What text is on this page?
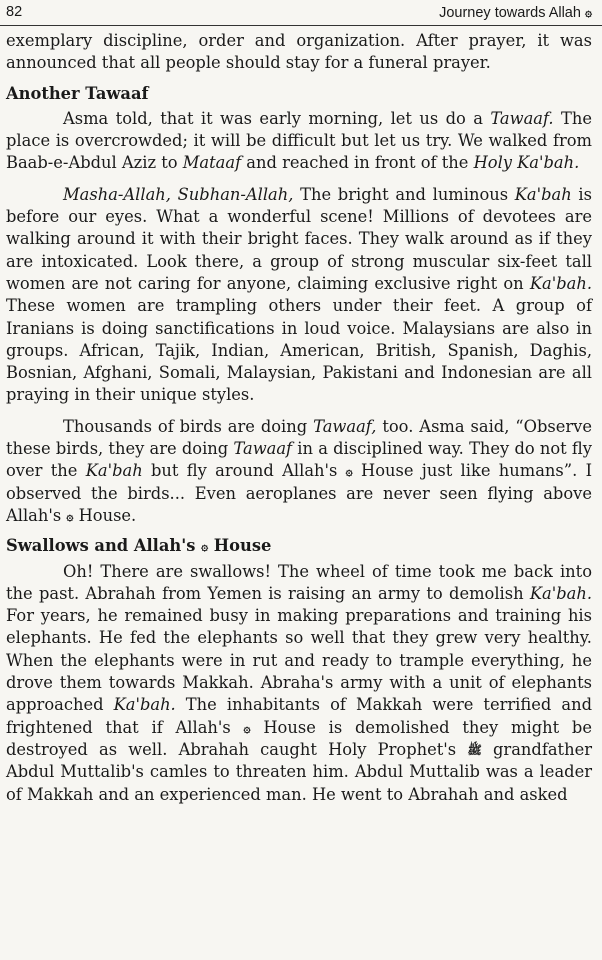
82	Journey towards Allah ۞

exemplary discipline, order and organization. After prayer, it was announced that all people should stay for a funeral prayer.

Another Tawaaf

Asma told, that it was early morning, let us do a Tawaaf. The place is overcrowded; it will be difficult but let us try. We walked from Baab-e-Abdul Aziz to Mataaf and reached in front of the Holy Ka'bah.

Masha-Allah, Subhan-Allah, The bright and luminous Ka'bah is before our eyes. What a wonderful scene! Millions of devotees are walking around it with their bright faces. They walk around as if they are intoxicated. Look there, a group of strong muscular six-feet tall women are not caring for anyone, claiming exclusive right on Ka'bah. These women are trampling others under their feet. A group of Iranians is doing sanctifications in loud voice. Malaysians are also in groups. African, Tajik, Indian, American, British, Spanish, Daghis, Bosnian, Afghani, Somali, Malaysian, Pakistani and Indonesian are all praying in their unique styles.

Thousands of birds are doing Tawaaf, too. Asma said, “Observe these birds, they are doing Tawaaf in a disciplined way. They do not fly over the Ka'bah but fly around Allah's ۞ House just like humans”. I observed the birds... Even aeroplanes are never seen flying above Allah's ۞ House.

Swallows and Allah's ۞ House

Oh! There are swallows! The wheel of time took me back into the past. Abrahah from Yemen is raising an army to demolish Ka'bah. For years, he remained busy in making preparations and training his elephants. He fed the elephants so well that they grew very healthy. When the elephants were in rut and ready to trample everything, he drove them towards Makkah. Abraha's army with a unit of elephants approached Ka'bah. The inhabitants of Makkah were terrified and frightened that if Allah's ۞ House is demolished they might be destroyed as well. Abrahah caught Holy Prophet's ﷺ grandfather Abdul Muttalib's camles to threaten him. Abdul Muttalib was a leader of Makkah and an experienced man. He went to Abrahah and asked
